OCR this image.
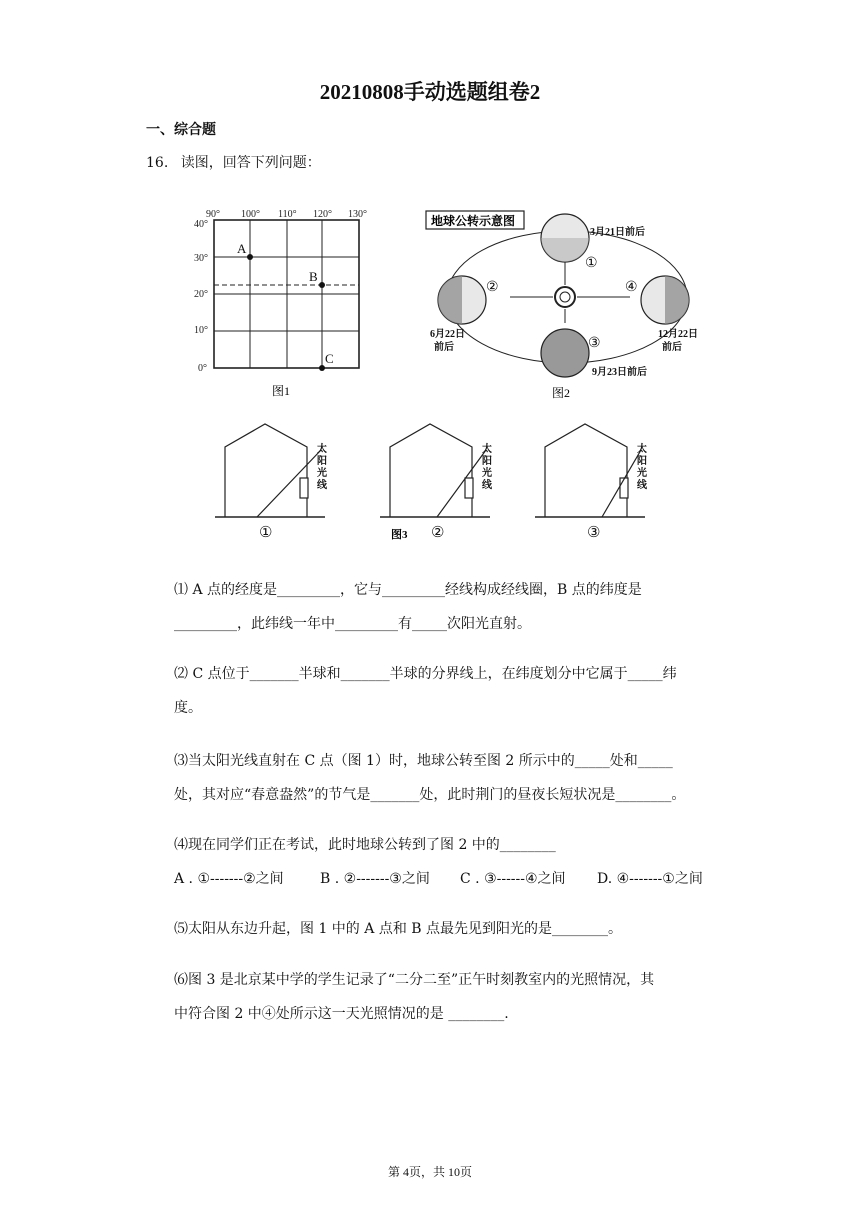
20210808手动选题组卷2
一、综合题
16. 读图，回答下列问题：
90° 100° 110° 120° 130°
40°
30°
20°
10°
0°
A
B
C
图1
地球公转示意图
①
②
③
④
3月21日前后
6月22日
前后
9月23日前后
12月22日
前后
图2
太
阳
光
线
太
阳
光
线
太
阳
光
线
①	②	③
图3
⑴ A 点的经度是_________，它与_________经线构成经线圈，B 点的纬度是
_________，此纬线一年中_________有_____次阳光直射。
⑵ C 点位于_______半球和_______半球的分界线上，在纬度划分中它属于_____纬
度。
⑶当太阳光线直射在 C 点（图 1）时，地球公转至图 2 所示中的_____处和_____
处，其对应“春意盎然”的节气是_______处，此时荆门的昼夜长短状况是________。
⑷现在同学们正在考试，此时地球公转到了图 2 中的________
A . ①-------②之间	B . ②-------③之间 C . ③------④之间 D. ④-------①之间
⑸太阳从东边升起，图 1 中的 A 点和 B 点最先见到阳光的是________。
⑹图 3 是北京某中学的学生记录了“二分二至”正午时刻教室内的光照情况，其
中符合图 2 中④处所示这一天光照情况的是 ________.
第 4页，共 10页
